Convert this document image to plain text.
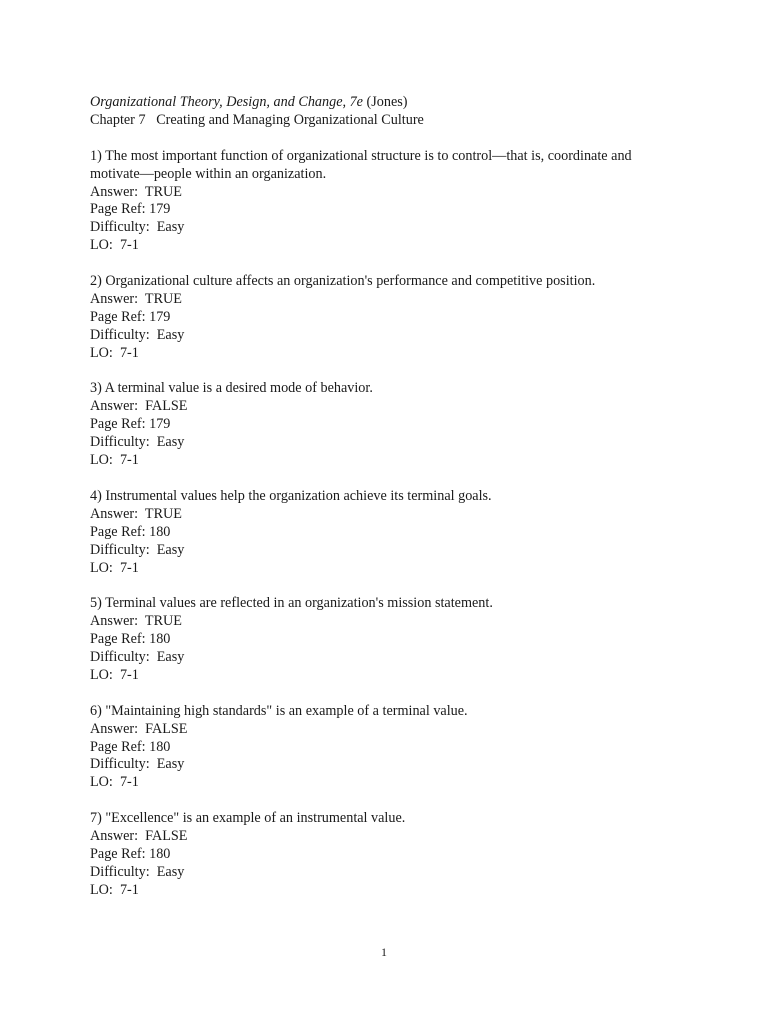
Organizational Theory, Design, and Change, 7e (Jones)
Chapter 7   Creating and Managing Organizational Culture
1) The most important function of organizational structure is to control—that is, coordinate and
motivate—people within an organization.
Answer:  TRUE
Page Ref: 179
Difficulty:  Easy
LO:  7-1
2) Organizational culture affects an organization's performance and competitive position.
Answer:  TRUE
Page Ref: 179
Difficulty:  Easy
LO:  7-1
3) A terminal value is a desired mode of behavior.
Answer:  FALSE
Page Ref: 179
Difficulty:  Easy
LO:  7-1
4) Instrumental values help the organization achieve its terminal goals.
Answer:  TRUE
Page Ref: 180
Difficulty:  Easy
LO:  7-1
5) Terminal values are reflected in an organization's mission statement.
Answer:  TRUE
Page Ref: 180
Difficulty:  Easy
LO:  7-1
6) "Maintaining high standards" is an example of a terminal value.
Answer:  FALSE
Page Ref: 180
Difficulty:  Easy
LO:  7-1
7) "Excellence" is an example of an instrumental value.
Answer:  FALSE
Page Ref: 180
Difficulty:  Easy
LO:  7-1
1
